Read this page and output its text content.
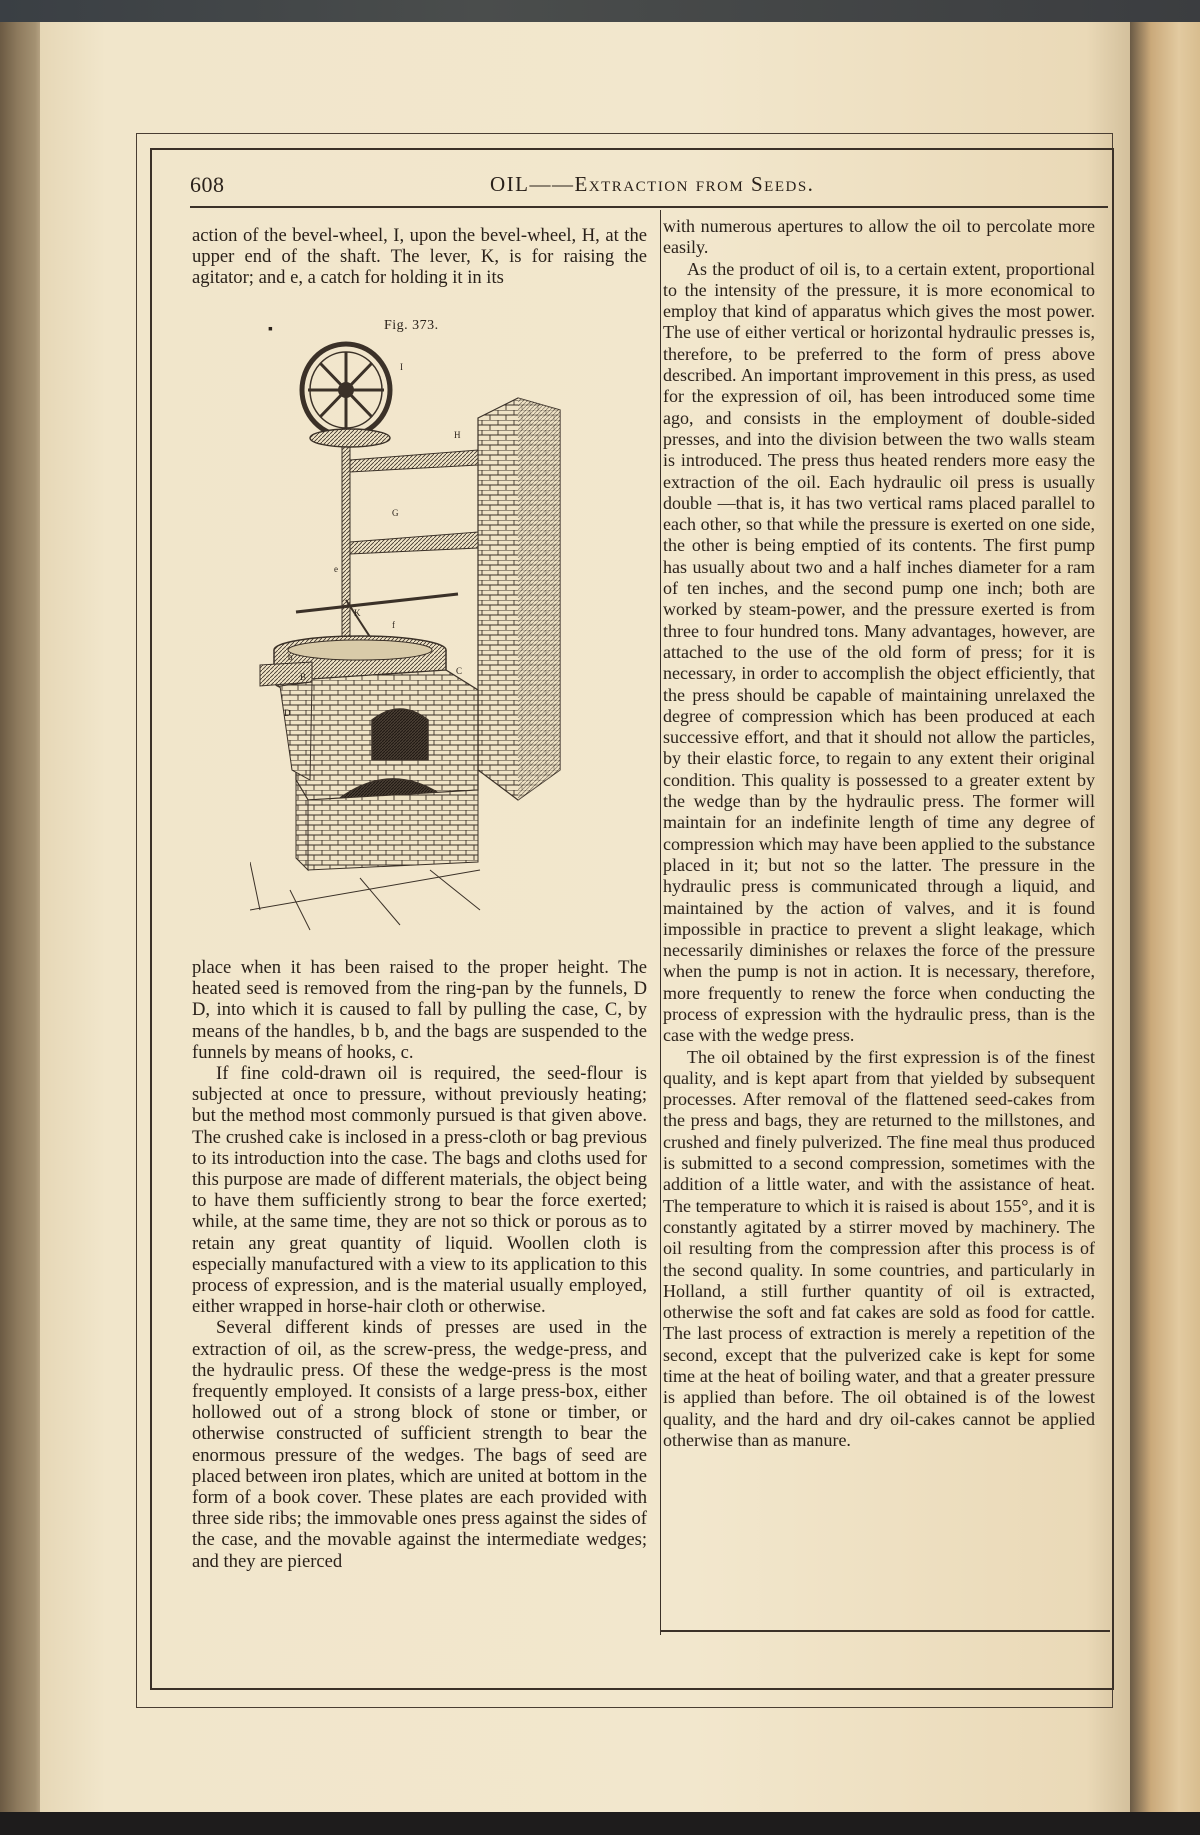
608	OIL——Extraction from Seeds.

action of the bevel-wheel, I, upon the bevel-wheel, H, at the upper end of the shaft. The lever, K, is for raising the agitator; and e, a catch for holding it in its

▪	Fig. 373.
I
H
G
e
K
f
b
C
D
B

place when it has been raised to the proper height. The heated seed is removed from the ring-pan by the funnels, D D, into which it is caused to fall by pulling the case, C, by means of the handles, b b, and the bags are suspended to the funnels by means of hooks, c.

If fine cold-drawn oil is required, the seed-flour is subjected at once to pressure, without previously heating; but the method most commonly pursued is that given above. The crushed cake is inclosed in a press-cloth or bag previous to its introduction into the case. The bags and cloths used for this purpose are made of different materials, the object being to have them sufficiently strong to bear the force exerted; while, at the same time, they are not so thick or porous as to retain any great quantity of liquid. Woollen cloth is especially manufactured with a view to its application to this process of expression, and is the material usually employed, either wrapped in horse-hair cloth or otherwise.

Several different kinds of presses are used in the extraction of oil, as the screw-press, the wedge-press, and the hydraulic press. Of these the wedge-press is the most frequently employed. It consists of a large press-box, either hollowed out of a strong block of stone or timber, or otherwise constructed of sufficient strength to bear the enormous pressure of the wedges. The bags of seed are placed between iron plates, which are united at bottom in the form of a book cover. These plates are each provided with three side ribs; the immovable ones press against the sides of the case, and the movable against the intermediate wedges; and they are pierced

with numerous apertures to allow the oil to percolate more easily.

As the product of oil is, to a certain extent, proportional to the intensity of the pressure, it is more economical to employ that kind of apparatus which gives the most power. The use of either vertical or horizontal hydraulic presses is, therefore, to be preferred to the form of press above described. An important improvement in this press, as used for the expression of oil, has been introduced some time ago, and consists in the employment of double-sided presses, and into the division between the two walls steam is introduced. The press thus heated renders more easy the extraction of the oil. Each hydraulic oil press is usually double —that is, it has two vertical rams placed parallel to each other, so that while the pressure is exerted on one side, the other is being emptied of its contents. The first pump has usually about two and a half inches diameter for a ram of ten inches, and the second pump one inch; both are worked by steam-power, and the pressure exerted is from three to four hundred tons. Many advantages, however, are attached to the use of the old form of press; for it is necessary, in order to accomplish the object efficiently, that the press should be capable of maintaining unrelaxed the degree of compression which has been produced at each successive effort, and that it should not allow the particles, by their elastic force, to regain to any extent their original condition. This quality is possessed to a greater extent by the wedge than by the hydraulic press. The former will maintain for an indefinite length of time any degree of compression which may have been applied to the substance placed in it; but not so the latter. The pressure in the hydraulic press is communicated through a liquid, and maintained by the action of valves, and it is found impossible in practice to prevent a slight leakage, which necessarily diminishes or relaxes the force of the pressure when the pump is not in action. It is necessary, therefore, more frequently to renew the force when conducting the process of expression with the hydraulic press, than is the case with the wedge press.

The oil obtained by the first expression is of the finest quality, and is kept apart from that yielded by subsequent processes. After removal of the flattened seed-cakes from the press and bags, they are returned to the millstones, and crushed and finely pulverized. The fine meal thus produced is submitted to a second compression, sometimes with the addition of a little water, and with the assistance of heat. The temperature to which it is raised is about 155°, and it is constantly agitated by a stirrer moved by machinery. The oil resulting from the compression after this process is of the second quality. In some countries, and particularly in Holland, a still further quantity of oil is extracted, otherwise the soft and fat cakes are sold as food for cattle. The last process of extraction is merely a repetition of the second, except that the pulverized cake is kept for some time at the heat of boiling water, and that a greater pressure is applied than before. The oil obtained is of the lowest quality, and the hard and dry oil-cakes cannot be applied otherwise than as manure.
